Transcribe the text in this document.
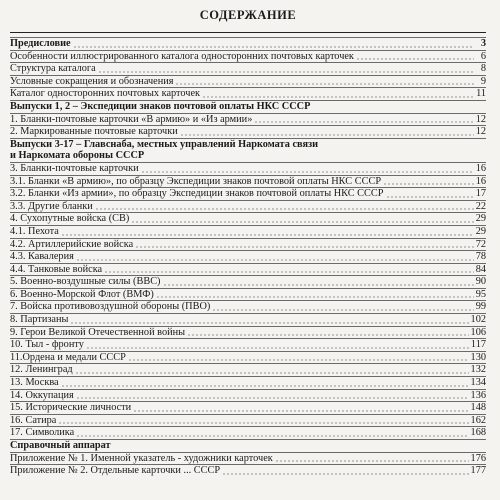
СОДЕРЖАНИЕ
Предисловие	3
Особенности иллюстрированного каталога односторонних почтовых карточек	6
Структура каталога	8
Условные сокращения и обозначения	9
Каталог односторонних почтовых карточек	11
Выпуски 1, 2 – Экспедиции знаков почтовой оплаты НКС СССР
1. Бланки-почтовые карточки «В армию» и «Из армии»	12
2. Маркированные почтовые карточки	12
Выпуски 3-17 – Главснаба, местных управлений Наркомата связи
и Наркомата обороны СССР
3. Бланки-почтовые карточки	16
3.1. Бланки «В армию», по образцу Экспедиции знаков почтовой оплаты НКС СССР	16
3.2. Бланки «Из армии», по образцу Экспедиции знаков почтовой оплаты НКС СССР	17
3.3. Другие бланки	22
4. Сухопутные войска (СВ)	29
4.1. Пехота	29
4.2. Артиллерийские войска	72
4.3. Кавалерия	78
4.4. Танковые войска	84
5. Военно-воздушные силы (ВВС)	90
6. Военно-Морской Флот (ВМФ)	95
7. Войска противовоздушной обороны (ПВО)	99
8. Партизаны	102
9. Герои Великой Отечественной войны	106
10. Тыл - фронту	117
11.Ордена и медали СССР	130
12. Ленинград	132
13. Москва	134
14. Оккупация	136
15. Исторические личности	148
16. Сатира	162
17. Символика	168
Справочный аппарат
Приложение № 1. Именной указатель - художники карточек	176
Приложение № 2. Отдельные карточки ... СССР	177
